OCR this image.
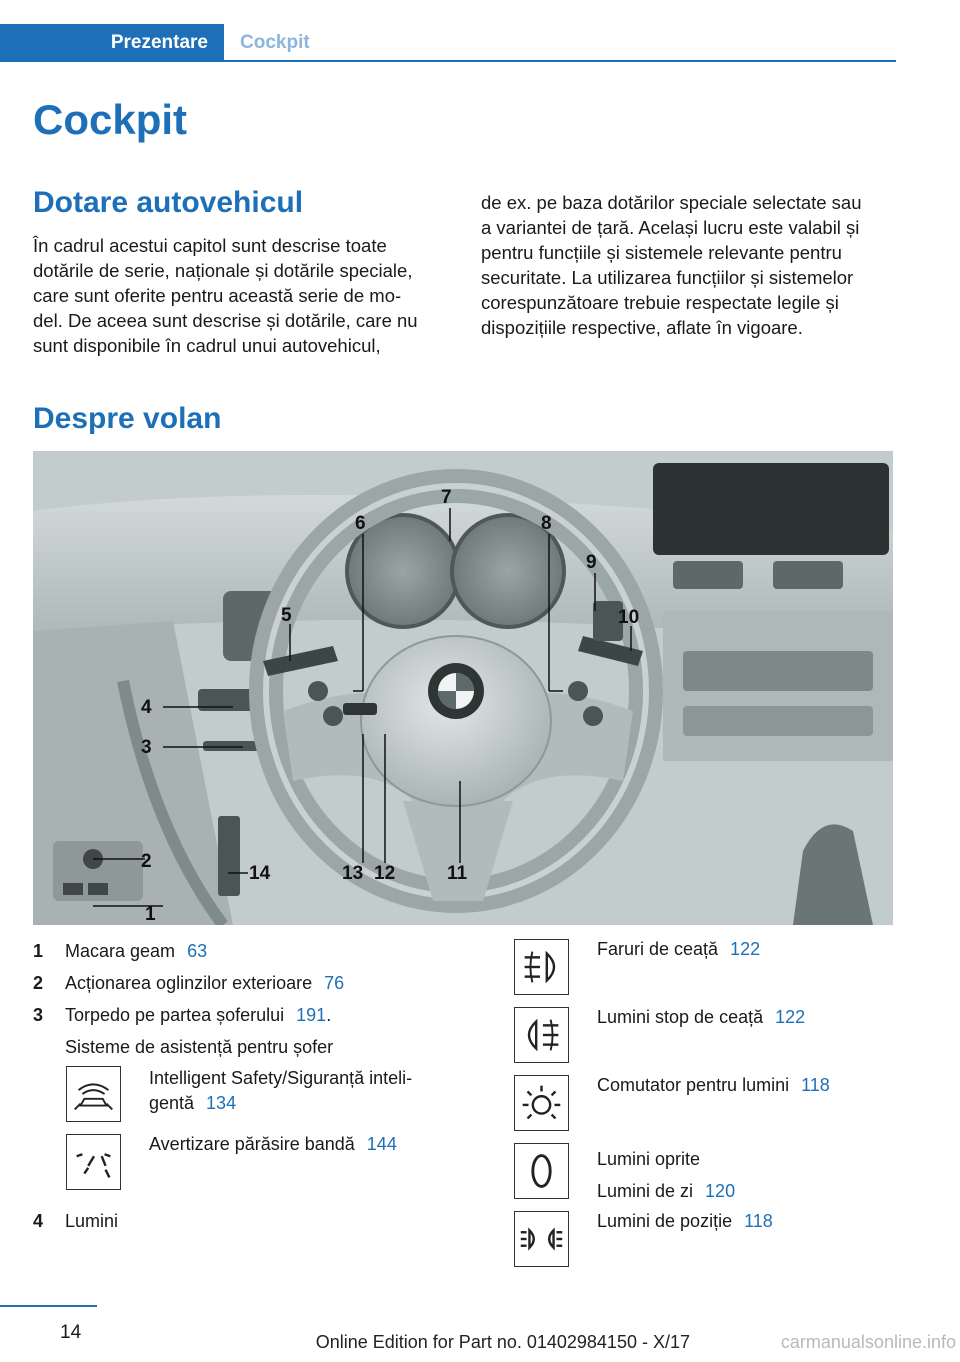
Prezentare Cockpit
Cockpit
Dotare autovehicul

În cadrul acestui capitol sunt descrise toate

dotările de serie, naționale și dotările speciale,

care sunt oferite pentru această serie de mo‐

del. De aceea sunt descrise și dotările, care nu

sunt disponibile în cadrul unui autovehicul,

de ex. pe baza dotărilor speciale selectate sau

a variantei de țară. Același lucru este valabil și

pentru funcțiile și sistemele relevante pentru

securitate. La utilizarea funcțiilor și sistemelor

corespunzătoare trebuie respectate legile și

dispozițiile respective, aflate în vigoare.

Despre volan
1
2
3
4
5
6
7
8
9
10
11
12
13
14
1 Macara geam 63
2 Acționarea oglinzilor exterioare 76
3 Torpedo pe partea șoferului 191.
Sisteme de asistență pentru șofer
Intelligent Safety/Siguranță inteli‐
gentă 134
Avertizare părăsire bandă 144
4 Lumini
Faruri de ceață 122
Lumini stop de ceață 122
Comutator pentru lumini 118
Lumini oprite
Lumini de zi 120
Lumini de poziție 118
14	Online Edition for Part no. 01402984150 - X/17	carmanualsonline.info
